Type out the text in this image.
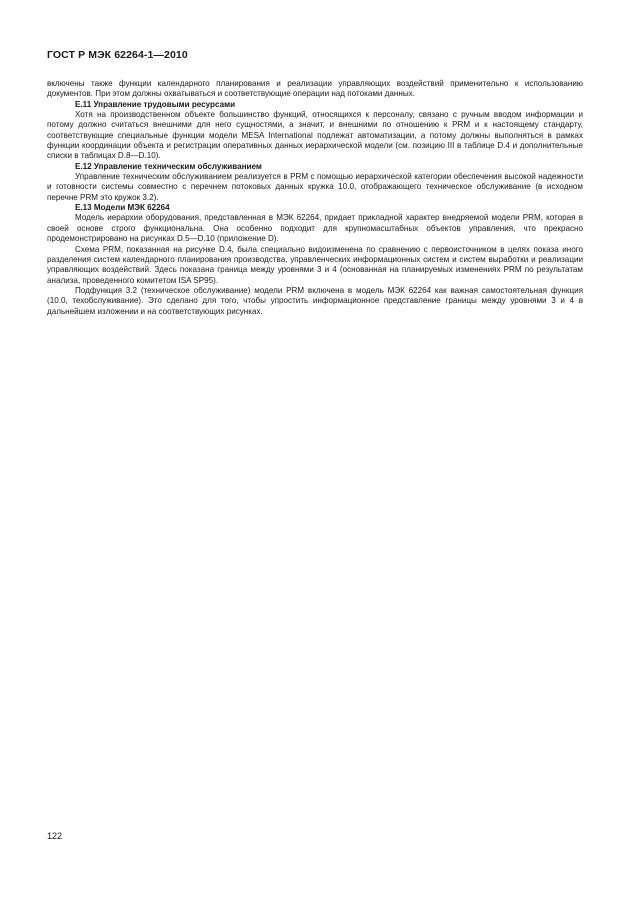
ГОСТ Р МЭК 62264-1—2010

включены также функции календарного планирования и реализации управляющих воздействий применительно к использованию документов. При этом должны охватываться и соответствующие операции над потоками данных.

Е.11 Управление трудовыми ресурсами

Хотя на производственном объекте большинство функций, относящихся к персоналу, связано с ручным вводом информации и потому должно считаться внешними для него сущностями, а значит, и внешними по отношению к PRM и к настоящему стандарту, соответствующие специальные функции модели MESA International подлежат автоматизации, а потому должны выполняться в рамках функции координации объекта и регистрации оперативных данных иерархической модели (см. позицию III в таблице D.4 и дополнительные списки в таблицах D.8—D.10).

Е.12 Управление техническим обслуживанием

Управление техническим обслуживанием реализуется в PRM с помощью иерархической категории обеспечения высокой надежности и готовности системы совместно с перечнем потоковых данных кружка 10.0, отображающего техническое обслуживание (в исходном перечне PRM это кружок 3.2).

Е.13 Модели МЭК 62264

Модель иерархии оборудования, представленная в МЭК 62264, придает прикладной характер внедряемой модели PRM, которая в своей основе строго функциональна. Она особенно подходит для крупномасштабных объектов управления, что прекрасно продемонстрировано на рисунках D.5—D.10 (приложение D).

Схема PRM, показанная на рисунке D.4, была специально видоизменена по сравнению с первоисточником в целях показа иного разделения систем календарного планирования производства, управленческих информационных систем и систем выработки и реализации управляющих воздействий. Здесь показана граница между уровнями 3 и 4 (основанная на планируемых изменениях PRM по результатам анализа, проведенного комитетом ISA SP95).

Подфункция 3.2 (техническое обслуживание) модели PRM включена в модель МЭК 62264 как важная самостоятельная функция (10.0, техобслуживание). Это сделано для того, чтобы упростить информационное представление границы между уровнями 3 и 4 в дальнейшем изложении и на соответствующих рисунках.

122
